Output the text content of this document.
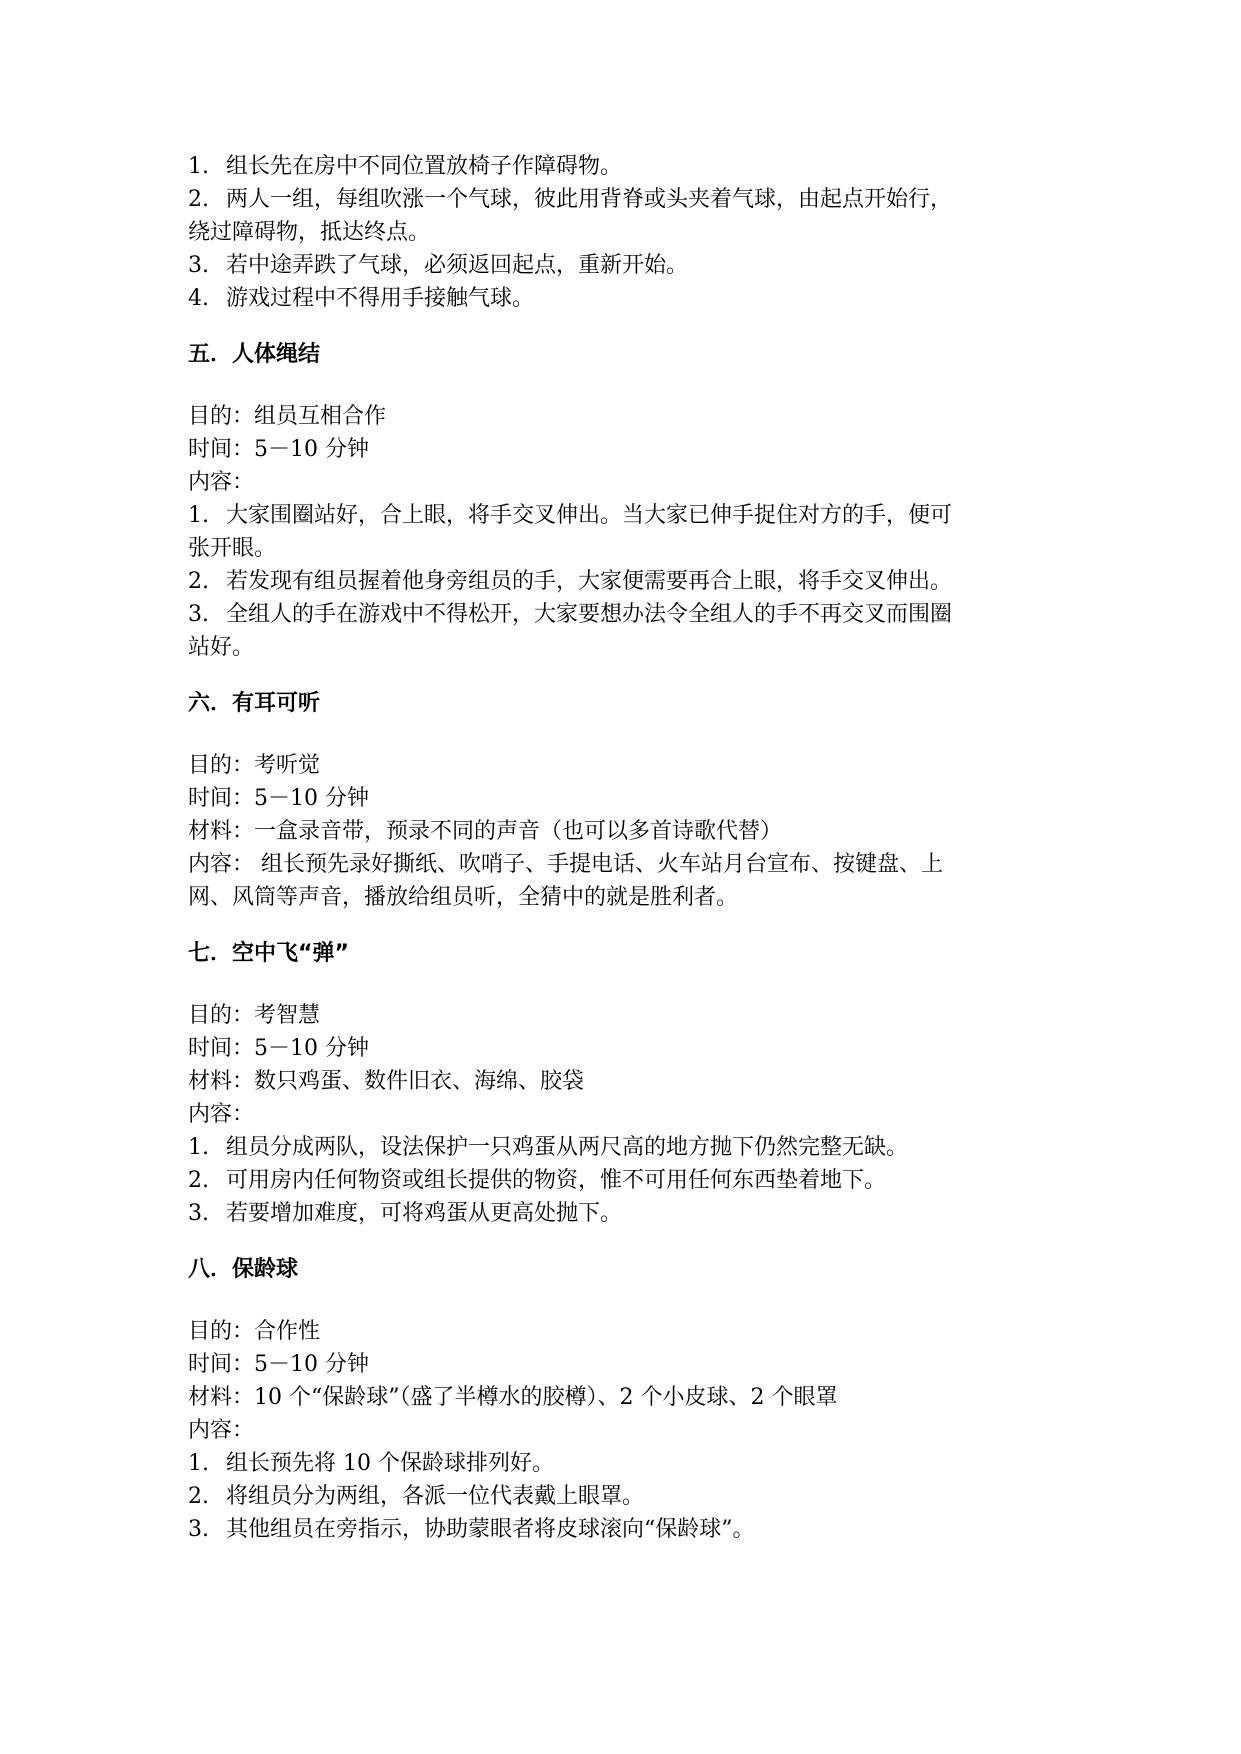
1. 组长先在房中不同位置放椅子作障碍物。
2. 两人一组，每组吹涨一个气球，彼此用背脊或头夹着气球，由起点开始行，
绕过障碍物，抵达终点。
3. 若中途弄跌了气球，必须返回起点，重新开始。
4. 游戏过程中不得用手接触气球。
五．人体绳结
目的：组员互相合作
时间：5－10 分钟
内容：
1. 大家围圈站好，合上眼，将手交叉伸出。当大家已伸手捉住对方的手，便可
张开眼。
2. 若发现有组员握着他身旁组员的手，大家便需要再合上眼，将手交叉伸出。
3. 全组人的手在游戏中不得松开，大家要想办法令全组人的手不再交叉而围圈
站好。
六．有耳可听
目的：考听觉
时间：5－10 分钟
材料：一盒录音带，预录不同的声音（也可以多首诗歌代替）
内容： 组长预先录好撕纸、吹哨子、手提电话、火车站月台宣布、按键盘、上
网、风筒等声音，播放给组员听，全猜中的就是胜利者。
七．空中飞“弹”
目的：考智慧
时间：5－10 分钟
材料：数只鸡蛋、数件旧衣、海绵、胶袋
内容：
1. 组员分成两队，设法保护一只鸡蛋从两尺高的地方抛下仍然完整无缺。
2. 可用房内任何物资或组长提供的物资，惟不可用任何东西垫着地下。
3. 若要增加难度，可将鸡蛋从更高处抛下。
八．保龄球
目的：合作性
时间：5－10 分钟
材料：10 个“保龄球”（盛了半樽水的胶樽）、2 个小皮球、2 个眼罩
内容：
1. 组长预先将 10 个保龄球排列好。
2. 将组员分为两组，各派一位代表戴上眼罩。
3. 其他组员在旁指示，协助蒙眼者将皮球滚向“保龄球”。
